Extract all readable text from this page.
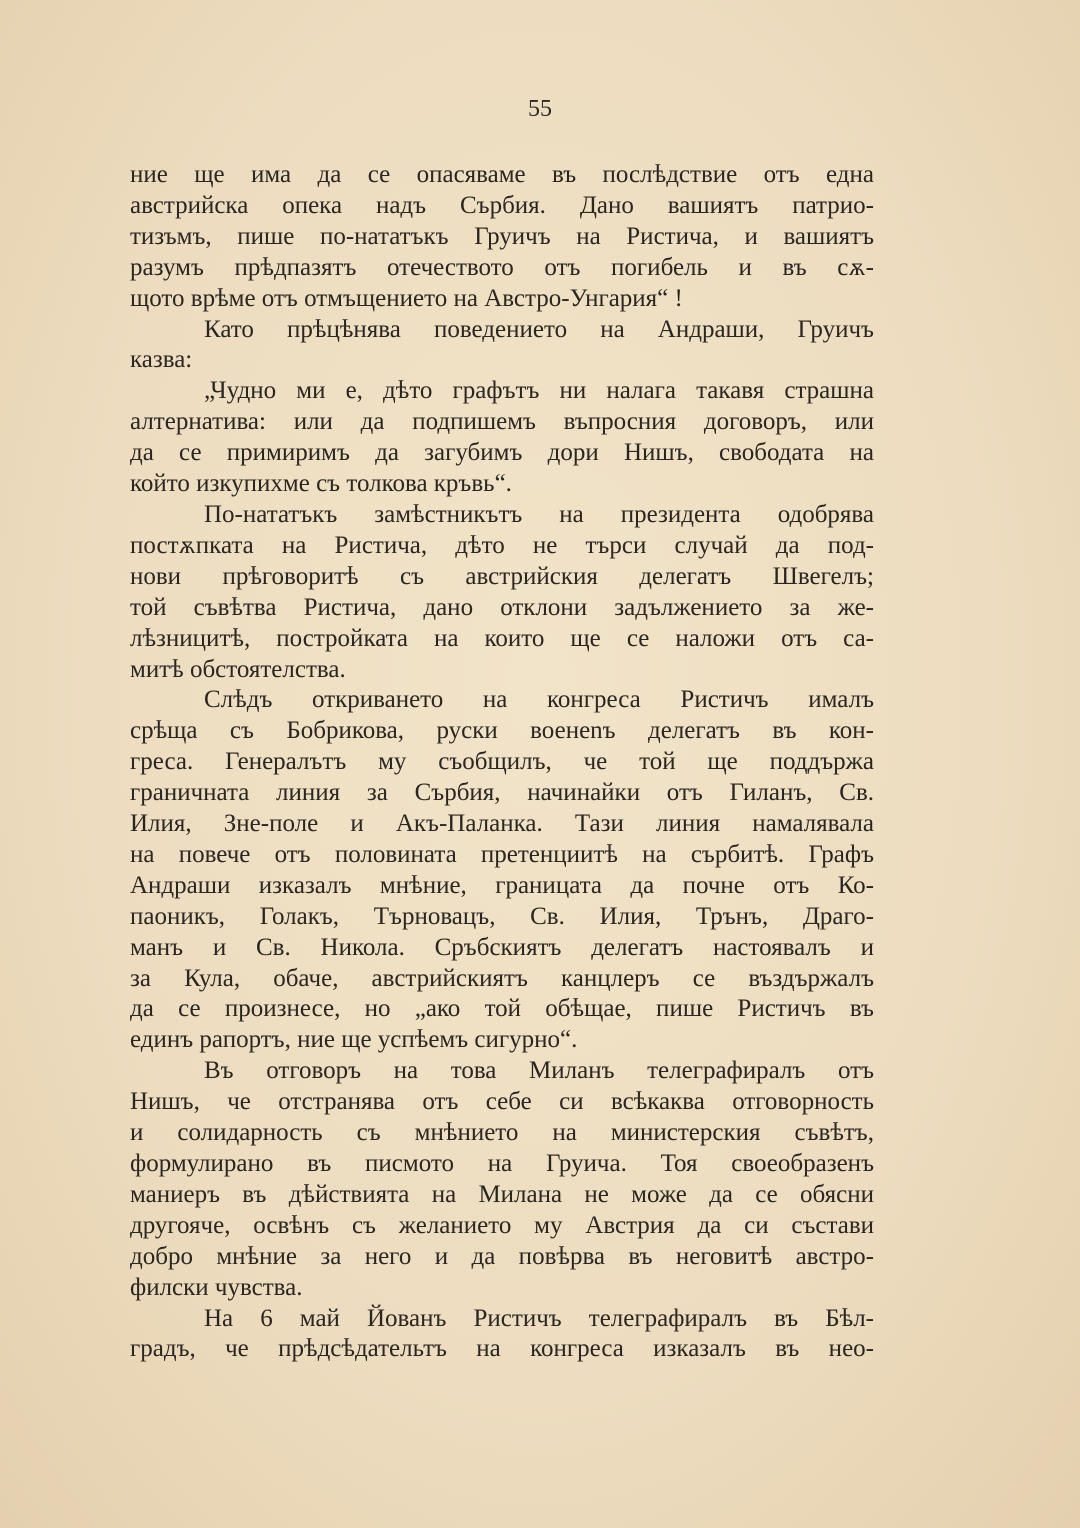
55
ние ще има да се опасяваме въ послѣдствие отъ една
австрийска опека надъ Сърбия. Дано вашиятъ патрио-
тизъмъ, пише по-нататъкъ Груичъ на Ристича, и вашиятъ
разумъ прѣдпазятъ отечеството отъ погибель и въ сѫ-
щото врѣме отъ отмъщението на Австро-Унгария“ !
Като прѣцѣнява поведението на Андраши, Груичъ
казва:
„Чудно ми е, дѣто графътъ ни налага такавя страшна
алтернатива: или да подпишемъ въпросния договоръ, или
да се примиримъ да загубимъ дори Нишъ, свободата на
който изкупихме съ толкова кръвь“.
По-нататъкъ замѣстникътъ на президента одобрява
постѫпката на Ристича, дѣто не търси случай да под-
нови прѣговоритѣ съ австрийския делегатъ Швегелъ;
той съвѣтва Ристича, дано отклони задължението за же-
лѣзницитѣ, постройката на които ще се наложи отъ са-
митѣ обстоятелства.
Слѣдъ откриването на конгреса Ристичъ ималъ
срѣща съ Бобрикова, руски военenъ делегатъ въ кон-
греса. Генералътъ му съобщилъ, че той ще поддържа
граничната линия за Сърбия, начинайки отъ Гиланъ, Св.
Илия, Зне-поле и Акъ-Паланка. Тази линия намалявала
на повече отъ половината претенциитѣ на сърбитѣ. Графъ
Андраши изказалъ мнѣние, границата да почне отъ Ко-
паоникъ, Голакъ, Търновацъ, Св. Илия, Трънъ, Драго-
манъ и Св. Никола. Сръбскиятъ делегатъ настоявалъ и
за Кула, обаче, австрийскиятъ канцлеръ се въздържалъ
да се произнесе, но „ако той обѣщае, пише Ристичъ въ
единъ рапортъ, ние ще успѣемъ сигурно“.
Въ отговоръ на това Миланъ телеграфиралъ отъ
Нишъ, че отстранява отъ себе си всѣкаква отговорность
и солидарность съ мнѣнието на министерския съвѣтъ,
формулирано въ писмото на Груича. Тоя своеобразенъ
маниеръ въ дѣйствията на Милана не може да се обясни
другояче, освѣнъ съ желанието му Австрия да си състави
добро мнѣние за него и да повѣрва въ неговитѣ австро-
филски чувства.
На 6 май Йованъ Ристичъ телеграфиралъ въ Бѣл-
градъ, че прѣдсѣдательтъ на конгреса изказалъ въ нео-
